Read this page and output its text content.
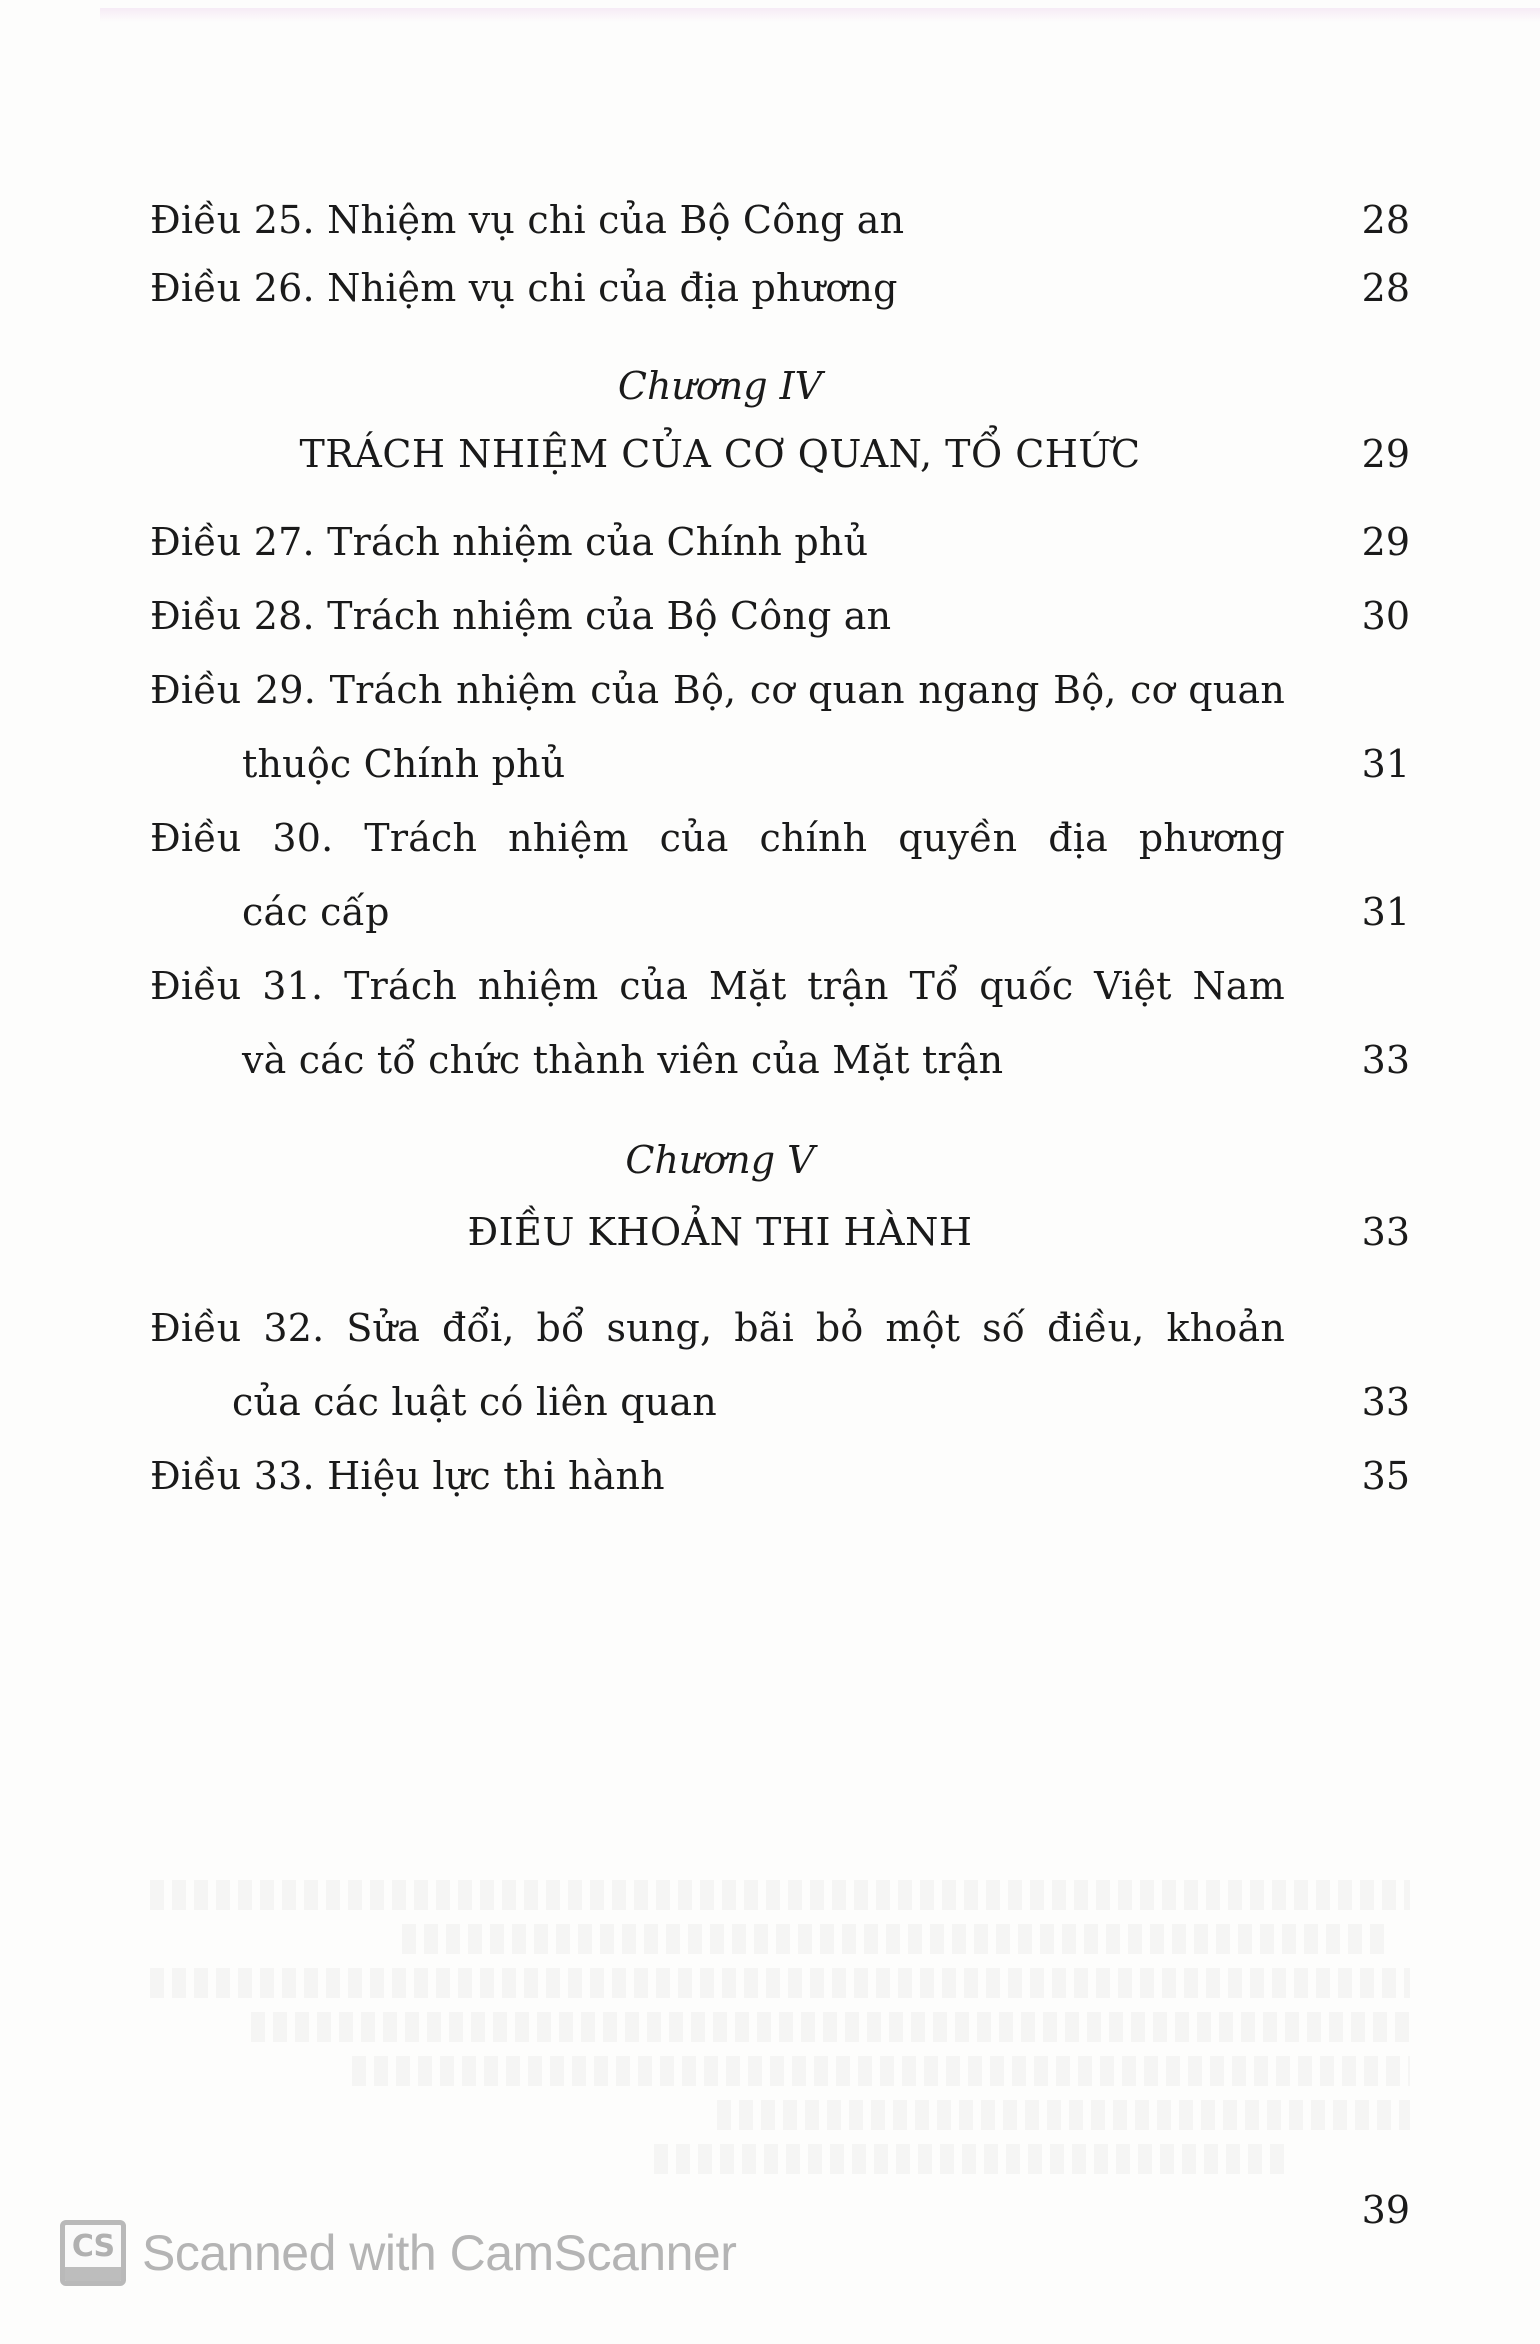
Điều 25. Nhiệm vụ chi của Bộ Công an	28
Điều 26. Nhiệm vụ chi của địa phương	28
Chương IV
TRÁCH NHIỆM CỦA CƠ QUAN, TỔ CHỨC	29
Điều 27. Trách nhiệm của Chính phủ	29
Điều 28. Trách nhiệm của Bộ Công an	30
Điều 29. Trách nhiệm của Bộ, cơ quan ngang Bộ, cơ quan
thuộc Chính phủ	31
Điều 30. Trách nhiệm của chính quyền địa phương
các cấp	31
Điều 31. Trách nhiệm của Mặt trận Tổ quốc Việt Nam
và các tổ chức thành viên của Mặt trận	33
Chương V
ĐIỀU KHOẢN THI HÀNH	33
Điều 32. Sửa đổi, bổ sung, bãi bỏ một số điều, khoản
của các luật có liên quan	33
Điều 33. Hiệu lực thi hành	35
39
CS Scanned with CamScanner
